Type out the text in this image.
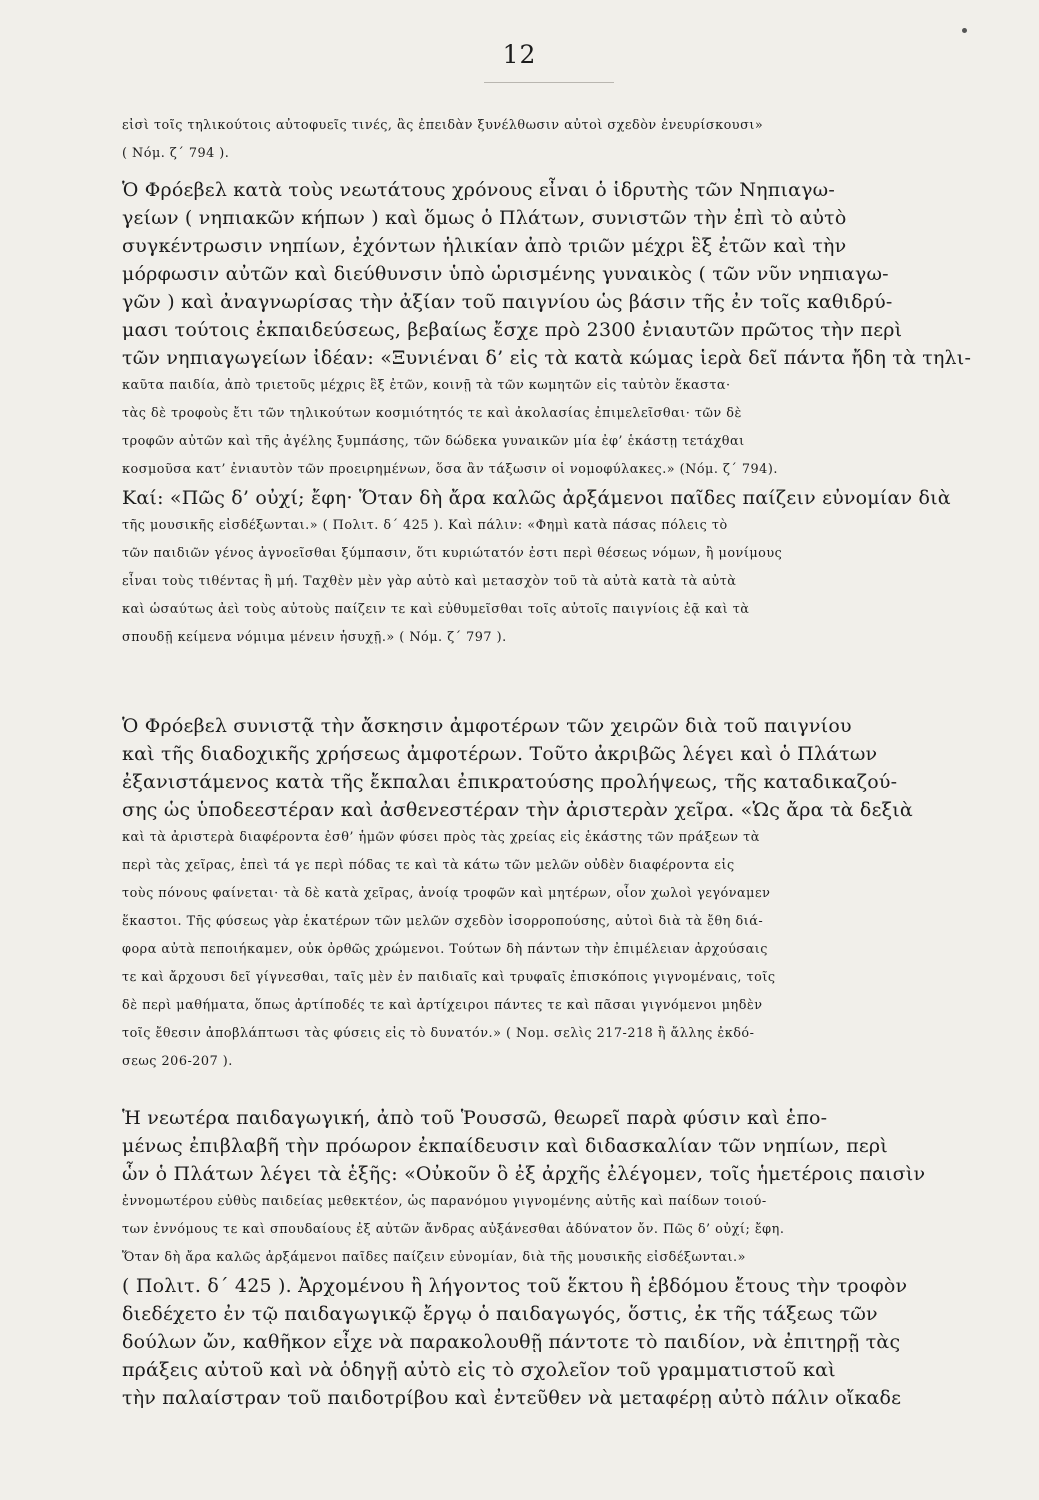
12

εἰσὶ τοῖς τηλικούτοις αὐτοφυεῖς τινές, ἃς ἐπειδὰν ξυνέλθωσιν αὐτοὶ σχεδὸν ἐνευρίσκουσι»
( Νόμ. ζ΄ 794 ).

Ὁ Φρόεβελ κατὰ τοὺς νεωτάτους χρόνους εἶναι ὁ ἱδρυτὴς τῶν Νηπιαγω-
γείων ( νηπιακῶν κήπων ) καὶ ὅμως ὁ Πλάτων, συνιστῶν τὴν ἐπὶ τὸ αὐτὸ
συγκέντρωσιν νηπίων, ἐχόντων ἡλικίαν ἀπὸ τριῶν μέχρι ἓξ ἐτῶν καὶ τὴν
μόρφωσιν αὐτῶν καὶ διεύθυνσιν ὑπὸ ὡρισμένης γυναικὸς ( τῶν νῦν νηπιαγω-
γῶν ) καὶ ἀναγνωρίσας τὴν ἀξίαν τοῦ παιγνίου ὡς βάσιν τῆς ἐν τοῖς καθιδρύ-
μασι τούτοις ἐκπαιδεύσεως, βεβαίως ἔσχε πρὸ 2300 ἐνιαυτῶν πρῶτος τὴν περὶ
τῶν νηπιαγωγείων ἰδέαν: «Ξυνιέναι δ’ εἰς τὰ κατὰ κώμας ἱερὰ δεῖ πάντα ἤδη τὰ τηλι-
καῦτα παιδία, ἀπὸ τριετοῦς μέχρις ἓξ ἐτῶν, κοινῇ τὰ τῶν κωμητῶν εἰς ταὐτὸν ἕκαστα·
τὰς δὲ τροφοὺς ἔτι τῶν τηλικούτων κοσμιότητός τε καὶ ἀκολασίας ἐπιμελεῖσθαι· τῶν δὲ
τροφῶν αὐτῶν καὶ τῆς ἀγέλης ξυμπάσης, τῶν δώδεκα γυναικῶν μία ἐφ’ ἑκάστῃ τετάχθαι
κοσμοῦσα κατ’ ἐνιαυτὸν τῶν προειρημένων, ὅσα ἂν τάξωσιν οἱ νομοφύλακες.» (Νόμ. ζ΄ 794).
Καί: «Πῶς δ’ οὐχί; ἔφη· Ὅταν δὴ ἄρα καλῶς ἀρξάμενοι παῖδες παίζειν εὐνομίαν διὰ
τῆς μουσικῆς εἰσδέξωνται.» ( Πολιτ. δ΄ 425 ). Καὶ πάλιν: «Φημὶ κατὰ πάσας πόλεις τὸ
τῶν παιδιῶν γένος ἀγνοεῖσθαι ξύμπασιν, ὅτι κυριώτατόν ἐστι περὶ θέσεως νόμων, ἢ μονίμους
εἶναι τοὺς τιθέντας ἢ μή. Ταχθὲν μὲν γὰρ αὐτὸ καὶ μετασχὸν τοῦ τὰ αὐτὰ κατὰ τὰ αὐτὰ
καὶ ὡσαύτως ἀεὶ τοὺς αὐτοὺς παίζειν τε καὶ εὐθυμεῖσθαι τοῖς αὐτοῖς παιγνίοις ἐᾷ καὶ τὰ
σπουδῇ κείμενα νόμιμα μένειν ἡσυχῇ.» ( Νόμ. ζ΄ 797 ).

Ὁ Φρόεβελ συνιστᾷ τὴν ἄσκησιν ἀμφοτέρων τῶν χειρῶν διὰ τοῦ παιγνίου
καὶ τῆς διαδοχικῆς χρήσεως ἀμφοτέρων. Τοῦτο ἀκριβῶς λέγει καὶ ὁ Πλάτων
ἐξανιστάμενος κατὰ τῆς ἔκπαλαι ἐπικρατούσης προλήψεως, τῆς καταδικαζού-
σης ὡς ὑποδεεστέραν καὶ ἀσθενεστέραν τὴν ἀριστερὰν χεῖρα. «Ὡς ἄρα τὰ δεξιὰ
καὶ τὰ ἀριστερὰ διαφέροντα ἐσθ’ ἡμῶν φύσει πρὸς τὰς χρείας εἰς ἑκάστης τῶν πράξεων τὰ
περὶ τὰς χεῖρας, ἐπεὶ τά γε περὶ πόδας τε καὶ τὰ κάτω τῶν μελῶν οὐδὲν διαφέροντα εἰς
τοὺς πόνους φαίνεται· τὰ δὲ κατὰ χεῖρας, ἀνοίᾳ τροφῶν καὶ μητέρων, οἷον χωλοὶ γεγόναμεν
ἕκαστοι. Τῆς φύσεως γὰρ ἑκατέρων τῶν μελῶν σχεδὸν ἰσορροπούσης, αὐτοὶ διὰ τὰ ἔθη διά-
φορα αὐτὰ πεποιήκαμεν, οὐκ ὀρθῶς χρώμενοι. Τούτων δὴ πάντων τὴν ἐπιμέλειαν ἀρχούσαις
τε καὶ ἄρχουσι δεῖ γίγνεσθαι, ταῖς μὲν ἐν παιδιαῖς καὶ τρυφαῖς ἐπισκόποις γιγνομέναις, τοῖς
δὲ περὶ μαθήματα, ὅπως ἀρτίποδές τε καὶ ἀρτίχειροι πάντες τε καὶ πᾶσαι γιγνόμενοι μηδὲν
τοῖς ἔθεσιν ἀποβλάπτωσι τὰς φύσεις εἰς τὸ δυνατόν.» ( Νομ. σελὶς 217-218 ἢ ἄλλης ἐκδό-
σεως 206-207 ).

Ἡ νεωτέρα παιδαγωγική, ἀπὸ τοῦ Ῥουσσῶ, θεωρεῖ παρὰ φύσιν καὶ ἑπο-
μένως ἐπιβλαβῆ τὴν πρόωρον ἐκπαίδευσιν καὶ διδασκαλίαν τῶν νηπίων, περὶ
ὧν ὁ Πλάτων λέγει τὰ ἑξῆς: «Οὐκοῦν ὃ ἐξ ἀρχῆς ἐλέγομεν, τοῖς ἡμετέροις παισὶν
ἐννομωτέρου εὐθὺς παιδείας μεθεκτέον, ὡς παρανόμου γιγνομένης αὐτῆς καὶ παίδων τοιού-
των ἐννόμους τε καὶ σπουδαίους ἐξ αὐτῶν ἄνδρας αὐξάνεσθαι ἀδύνατον ὄν. Πῶς δ’ οὐχί; ἔφη.
Ὅταν δὴ ἄρα καλῶς ἀρξάμενοι παῖδες παίζειν εὐνομίαν, διὰ τῆς μουσικῆς εἰσδέξωνται.»
( Πολιτ. δ΄ 425 ). Ἀρχομένου ἢ λήγοντος τοῦ ἕκτου ἢ ἑβδόμου ἔτους τὴν τροφὸν
διεδέχετο ἐν τῷ παιδαγωγικῷ ἔργῳ ὁ παιδαγωγός, ὅστις, ἐκ τῆς τάξεως τῶν
δούλων ὤν, καθῆκον εἶχε νὰ παρακολουθῇ πάντοτε τὸ παιδίον, νὰ ἐπιτηρῇ τὰς
πράξεις αὐτοῦ καὶ νὰ ὁδηγῇ αὐτὸ εἰς τὸ σχολεῖον τοῦ γραμματιστοῦ καὶ
τὴν παλαίστραν τοῦ παιδοτρίβου καὶ ἐντεῦθεν νὰ μεταφέρῃ αὐτὸ πάλιν οἴκαδε
